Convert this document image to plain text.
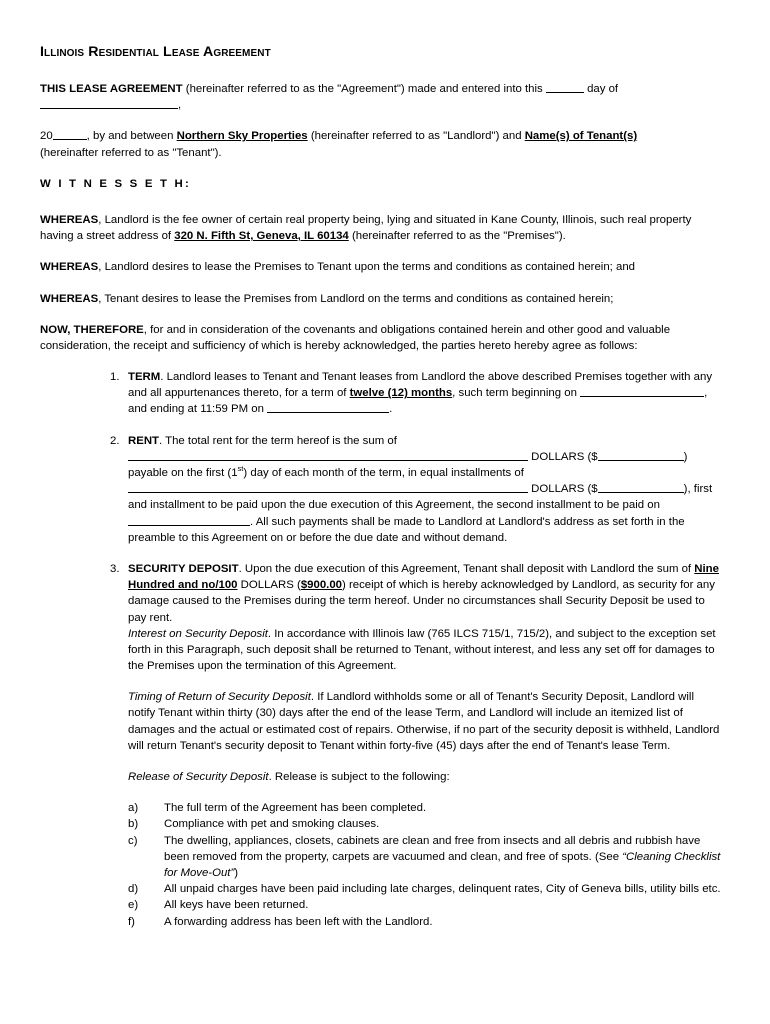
Illinois Residential Lease Agreement

THIS LEASE AGREEMENT (hereinafter referred to as the "Agreement") made and entered into this	day of ,

20	, by and between Northern Sky Properties (hereinafter referred to as "Landlord") and Name(s) of Tenant(s)
(hereinafter referred to as "Tenant").

W I T N E S S E T H:

WHEREAS, Landlord is the fee owner of certain real property being, lying and situated in Kane County, Illinois, such real property having a street address of 320 N. Fifth St, Geneva, IL 60134 (hereinafter referred to as the "Premises").

WHEREAS, Landlord desires to lease the Premises to Tenant upon the terms and conditions as contained herein; and

WHEREAS, Tenant desires to lease the Premises from Landlord on the terms and conditions as contained herein;

NOW, THEREFORE, for and in consideration of the covenants and obligations contained herein and other good and valuable consideration, the receipt and sufficiency of which is hereby acknowledged, the parties hereto hereby agree as follows:

1. TERM. Landlord leases to Tenant and Tenant leases from Landlord the above described Premises together with any and all appurtenances thereto, for a term of twelve (12) months, such term beginning on	, and ending at 11:59 PM on	.
2. RENT. The total rent for the term hereof is the sum of
DOLLARS ($	) payable on the first (1st) day of each month of the term, in equal installments of
DOLLARS ($	), first and installment to be paid upon the due execution of this Agreement, the second installment to be paid on
. All such payments shall be made to Landlord at Landlord's address as set forth in the preamble to this Agreement on or before the due date and without demand.
3. SECURITY DEPOSIT. Upon the due execution of this Agreement, Tenant shall deposit with Landlord the sum of Nine Hundred and no/100 DOLLARS ($900.00) receipt of which is hereby acknowledged by Landlord, as security for any damage caused to the Premises during the term hereof. Under no circumstances shall Security Deposit be used to pay rent.

Interest on Security Deposit. In accordance with Illinois law (765 ILCS 715/1, 715/2), and subject to the exception set forth in this Paragraph, such deposit shall be returned to Tenant, without interest, and less any set off for damages to the Premises upon the termination of this Agreement.

Timing of Return of Security Deposit. If Landlord withholds some or all of Tenant's Security Deposit, Landlord will notify Tenant within thirty (30) days after the end of the lease Term, and Landlord will include an itemized list of damages and the actual or estimated cost of repairs. Otherwise, if no part of the security deposit is withheld, Landlord will return Tenant's security deposit to Tenant within forty-five (45) days after the end of Tenant's lease Term.

Release of Security Deposit. Release is subject to the following:

a)	The full term of the Agreement has been completed.
b)	Compliance with pet and smoking clauses.
c)	The dwelling, appliances, closets, cabinets are clean and free from insects and all debris and rubbish have been removed from the property, carpets are vacuumed and clean, and free of spots. (See “Cleaning Checklist for Move-Out”)
d)	All unpaid charges have been paid including late charges, delinquent rates, City of Geneva bills, utility bills etc.
e)	All keys have been returned.
f)	A forwarding address has been left with the Landlord.
